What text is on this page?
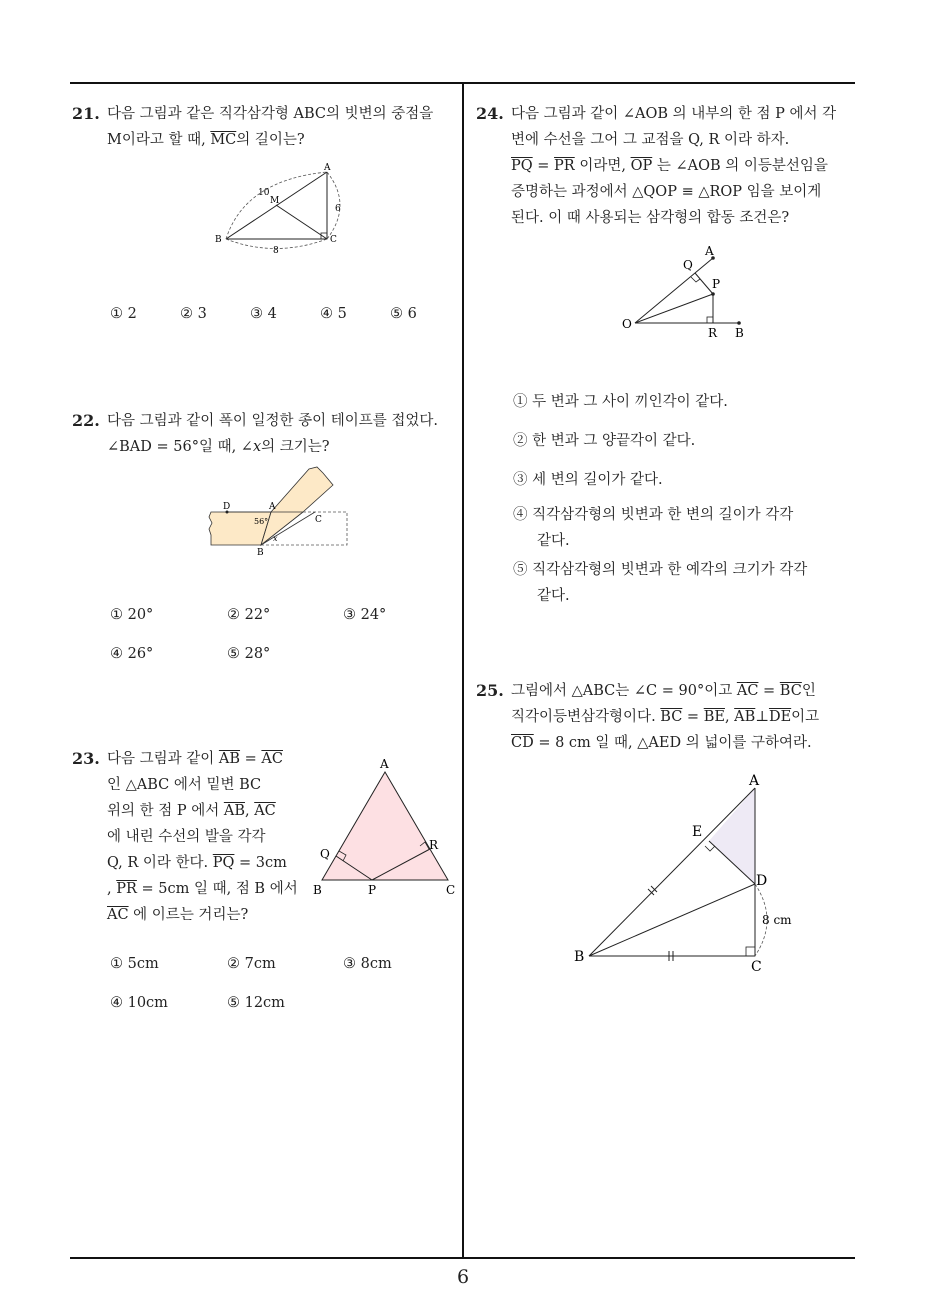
21. 다음 그림과 같은 직각삼각형 ABC의 빗변의 중점을
M이라고 할 때, $\overline{MC}$의 길이는?
A
B	C
M
10
6
8
① 2	② 3	③ 4	④ 5	⑤ 6
22. 다음 그림과 같이 폭이 일정한 종이 테이프를 접었다.
∠BAD = 56°일 때, ∠x의 크기는?
D	A
C
B
56°
x
① 20°	② 22°	③ 24°
④ 26°	⑤ 28°
23. 다음 그림과 같이 $\overline{AB} = \overline{AC}$
인 △ABC 에서 밑변 BC
위의 한 점 P 에서 $\overline{AB}$, $\overline{AC}$
에 내린 수선의 발을 각각
Q, R 이라 한다. $\overline{PQ} = 3cm$
, $\overline{PR} = 5cm$ 일 때, 점 B 에서
$\overline{AC}$ 에 이르는 거리는?
A
B	C
P
Q
R
① 5cm	② 7cm	③ 8cm
④ 10cm	⑤ 12cm
24. 다음 그림과 같이 ∠AOB 의 내부의 한 점 P 에서 각
변에 수선을 그어 그 교점을 Q, R 이라 하자.
$\overline{PQ} = \overline{PR}$ 이라면, $\overline{OP}$ 는 ∠AOB 의 이등분선임을
증명하는 과정에서 △QOP ≡ △ROP 임을 보이게
된다. 이 때 사용되는 삼각형의 합동 조건은?
A
B
O
P
Q
R
① 두 변과 그 사이 끼인각이 같다.
② 한 변과 그 양끝각이 같다.
③ 세 변의 길이가 같다.
④ 직각삼각형의 빗변과 한 변의 길이가 각각
같다.
⑤ 직각삼각형의 빗변과 한 예각의 크기가 각각
같다.
25. 그림에서 △ABC는 ∠C = 90°이고 $\overline{AC} = \overline{BC}$인
직각이등변삼각형이다. $\overline{BC} = \overline{BE}$, $\overline{AB}\perp\overline{DE}$이고
$\overline{CD} = 8$ cm 일 때, △AED 의 넓이를 구하여라.
A
B
C
D
E
8 cm
6
